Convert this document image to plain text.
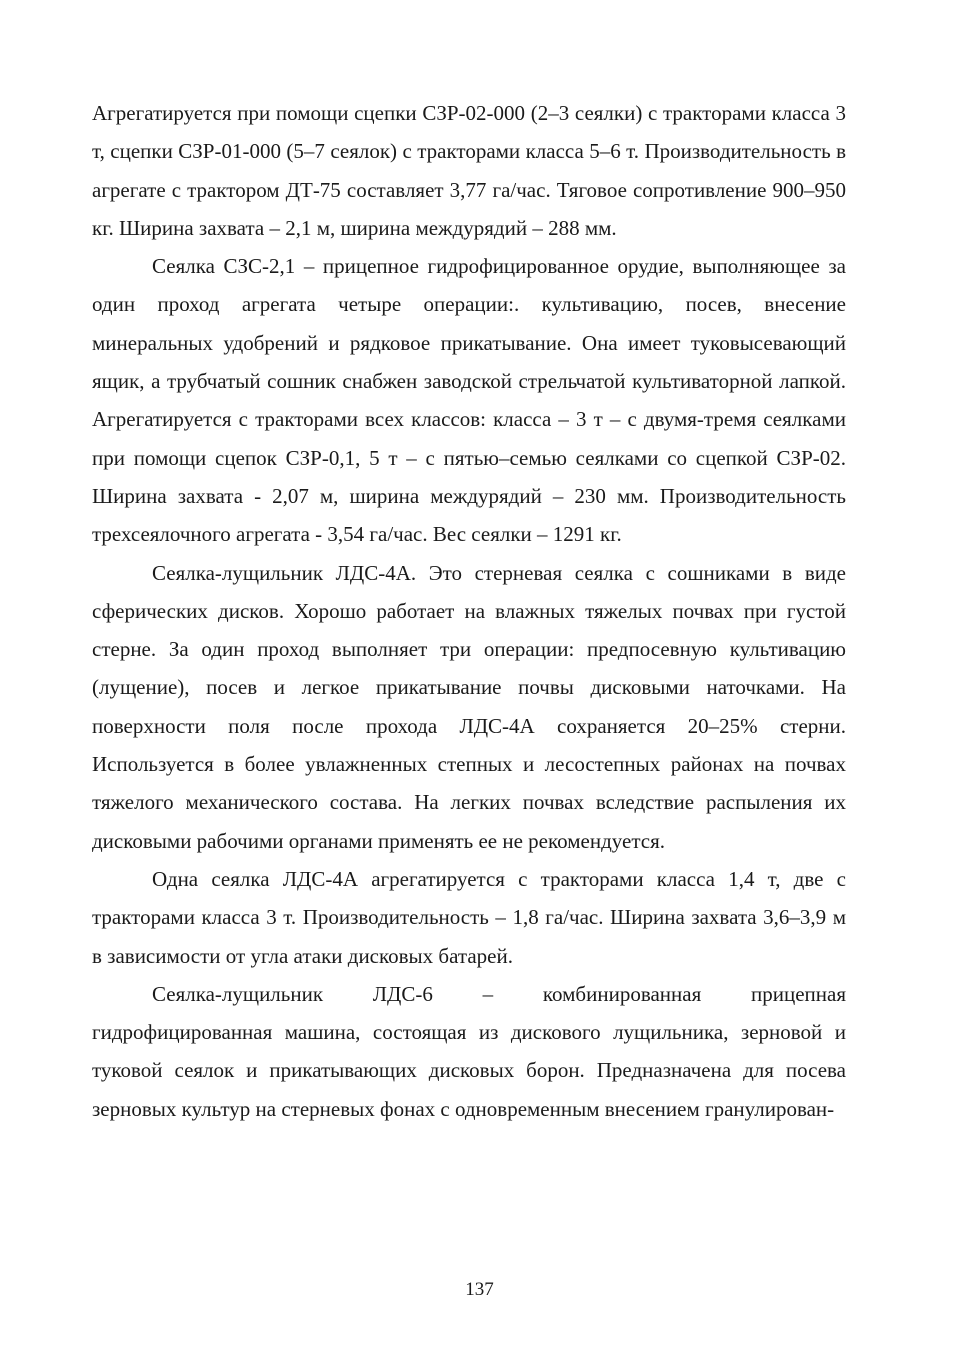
Агрегатируется при помощи сцепки СЗР-02-000 (2–3 сеялки) с тракторами класса 3 т, сцепки СЗР-01-000 (5–7 сеялок) с тракторами класса 5–6 т. Производительность в агрегате с трактором ДТ-75 составляет 3,77 га/час. Тяговое сопротивление 900–950 кг. Ширина захвата – 2,1 м, ширина междурядий – 288 мм.

Сеялка СЗС-2,1 – прицепное гидрофицированное орудие, выполняющее за один проход агрегата четыре операции:. культивацию, посев, внесение минеральных удобрений и рядковое прикатывание. Она имеет туковысевающий ящик, а трубчатый сошник снабжен заводской стрельчатой культиваторной лапкой. Агрегатируется с тракторами всех классов: класса – 3 т – с двумя-тремя сеялками при помощи сцепок СЗР-0,1, 5 т – с пятью–семью сеялками со сцепкой СЗР-02. Ширина захвата - 2,07 м, ширина междурядий – 230 мм. Производительность трехсеялочного агрегата - 3,54 га/час. Вес сеялки – 1291 кг.

Сеялка-лущильник ЛДС-4А. Это стерневая сеялка с сошниками в виде сферических дисков. Хорошо работает на влажных тяжелых почвах при густой стерне. За один проход выполняет три операции: предпосевную культивацию (лущение), посев и легкое прикатывание почвы дисковыми наточками. На поверхности поля после прохода ЛДС-4А сохраняется 20–25% стерни. Используется в более увлажненных степных и лесостепных районах на почвах тяжелого механического состава. На легких почвах вследствие распыления их дисковыми рабочими органами применять ее не рекомендуется.

Одна сеялка ЛДС-4А агрегатируется с тракторами класса 1,4 т, две с тракторами класса 3 т. Производительность – 1,8 га/час. Ширина захвата 3,6–3,9 м в зависимости от угла атаки дисковых батарей.

Сеялка-лущильник ЛДС-6 – комбинированная прицепная гидрофицированная машина, состоящая из дискового лущильника, зерновой и туковой сеялок и прикатывающих дисковых борон. Предназначена для посева зерновых культур на стерневых фонах с одновременным внесением гранулирован-

137
